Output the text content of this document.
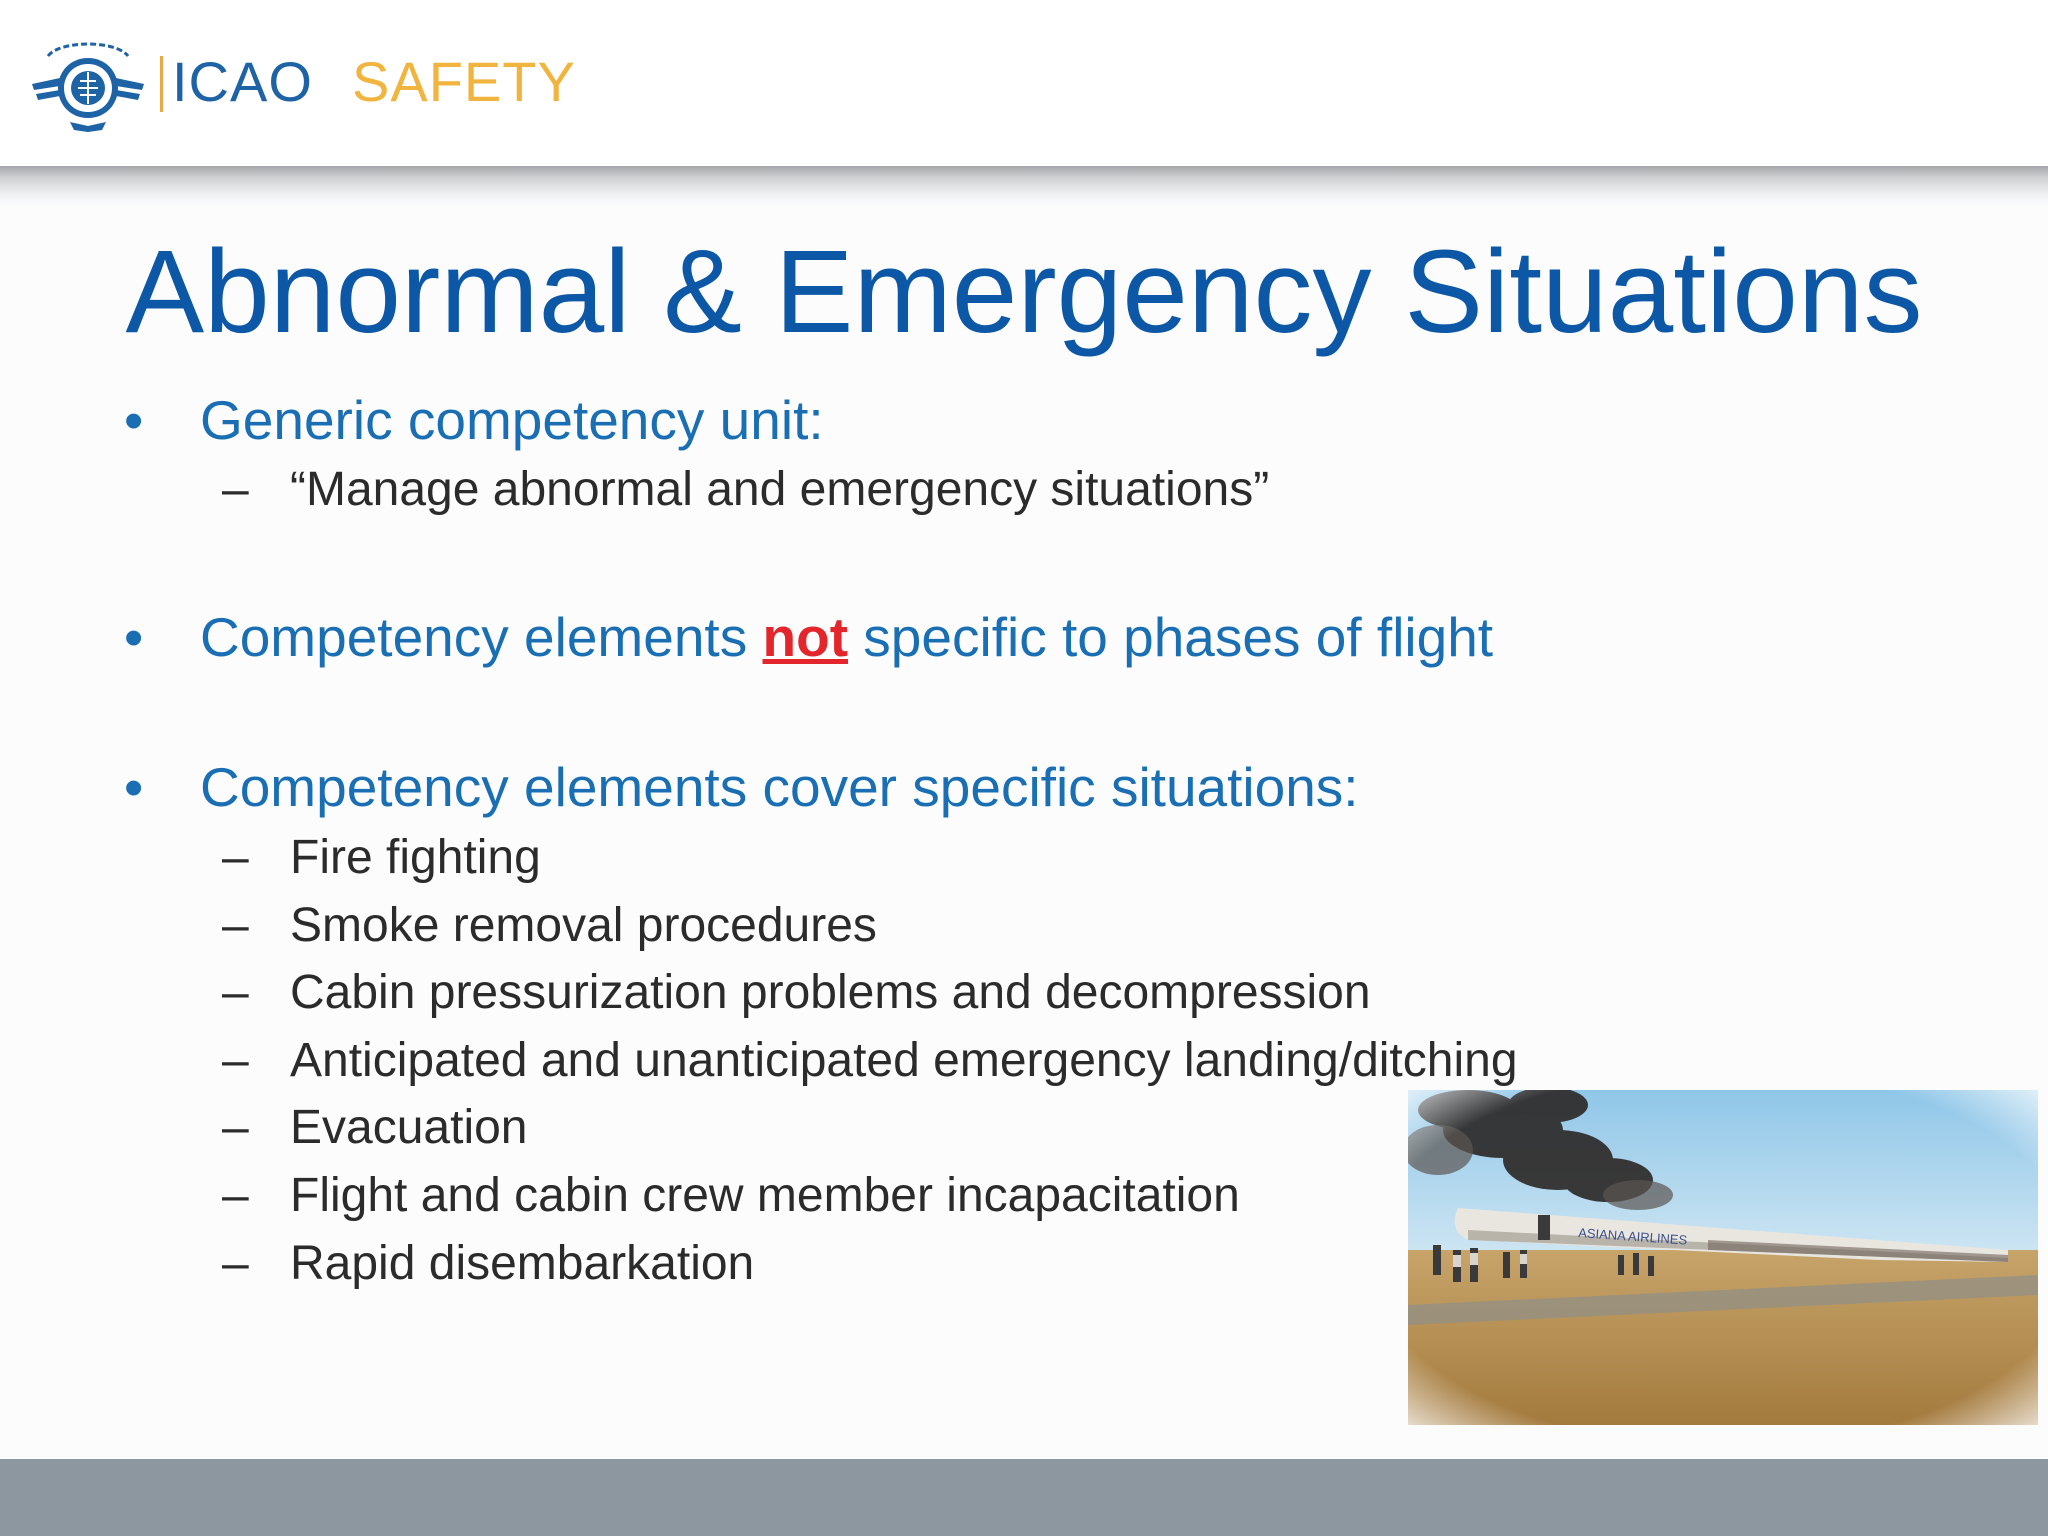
ICAO SAFETY
Abnormal & Emergency Situations
•	Generic competency unit:
– “Manage abnormal and emergency situations”
•	Competency elements not specific to phases of flight
•	Competency elements cover specific situations:
– Fire fighting
– Smoke removal procedures
– Cabin pressurization problems and decompression
– Anticipated and unanticipated emergency landing/ditching
– Evacuation
– Flight and cabin crew member incapacitation
– Rapid disembarkation
